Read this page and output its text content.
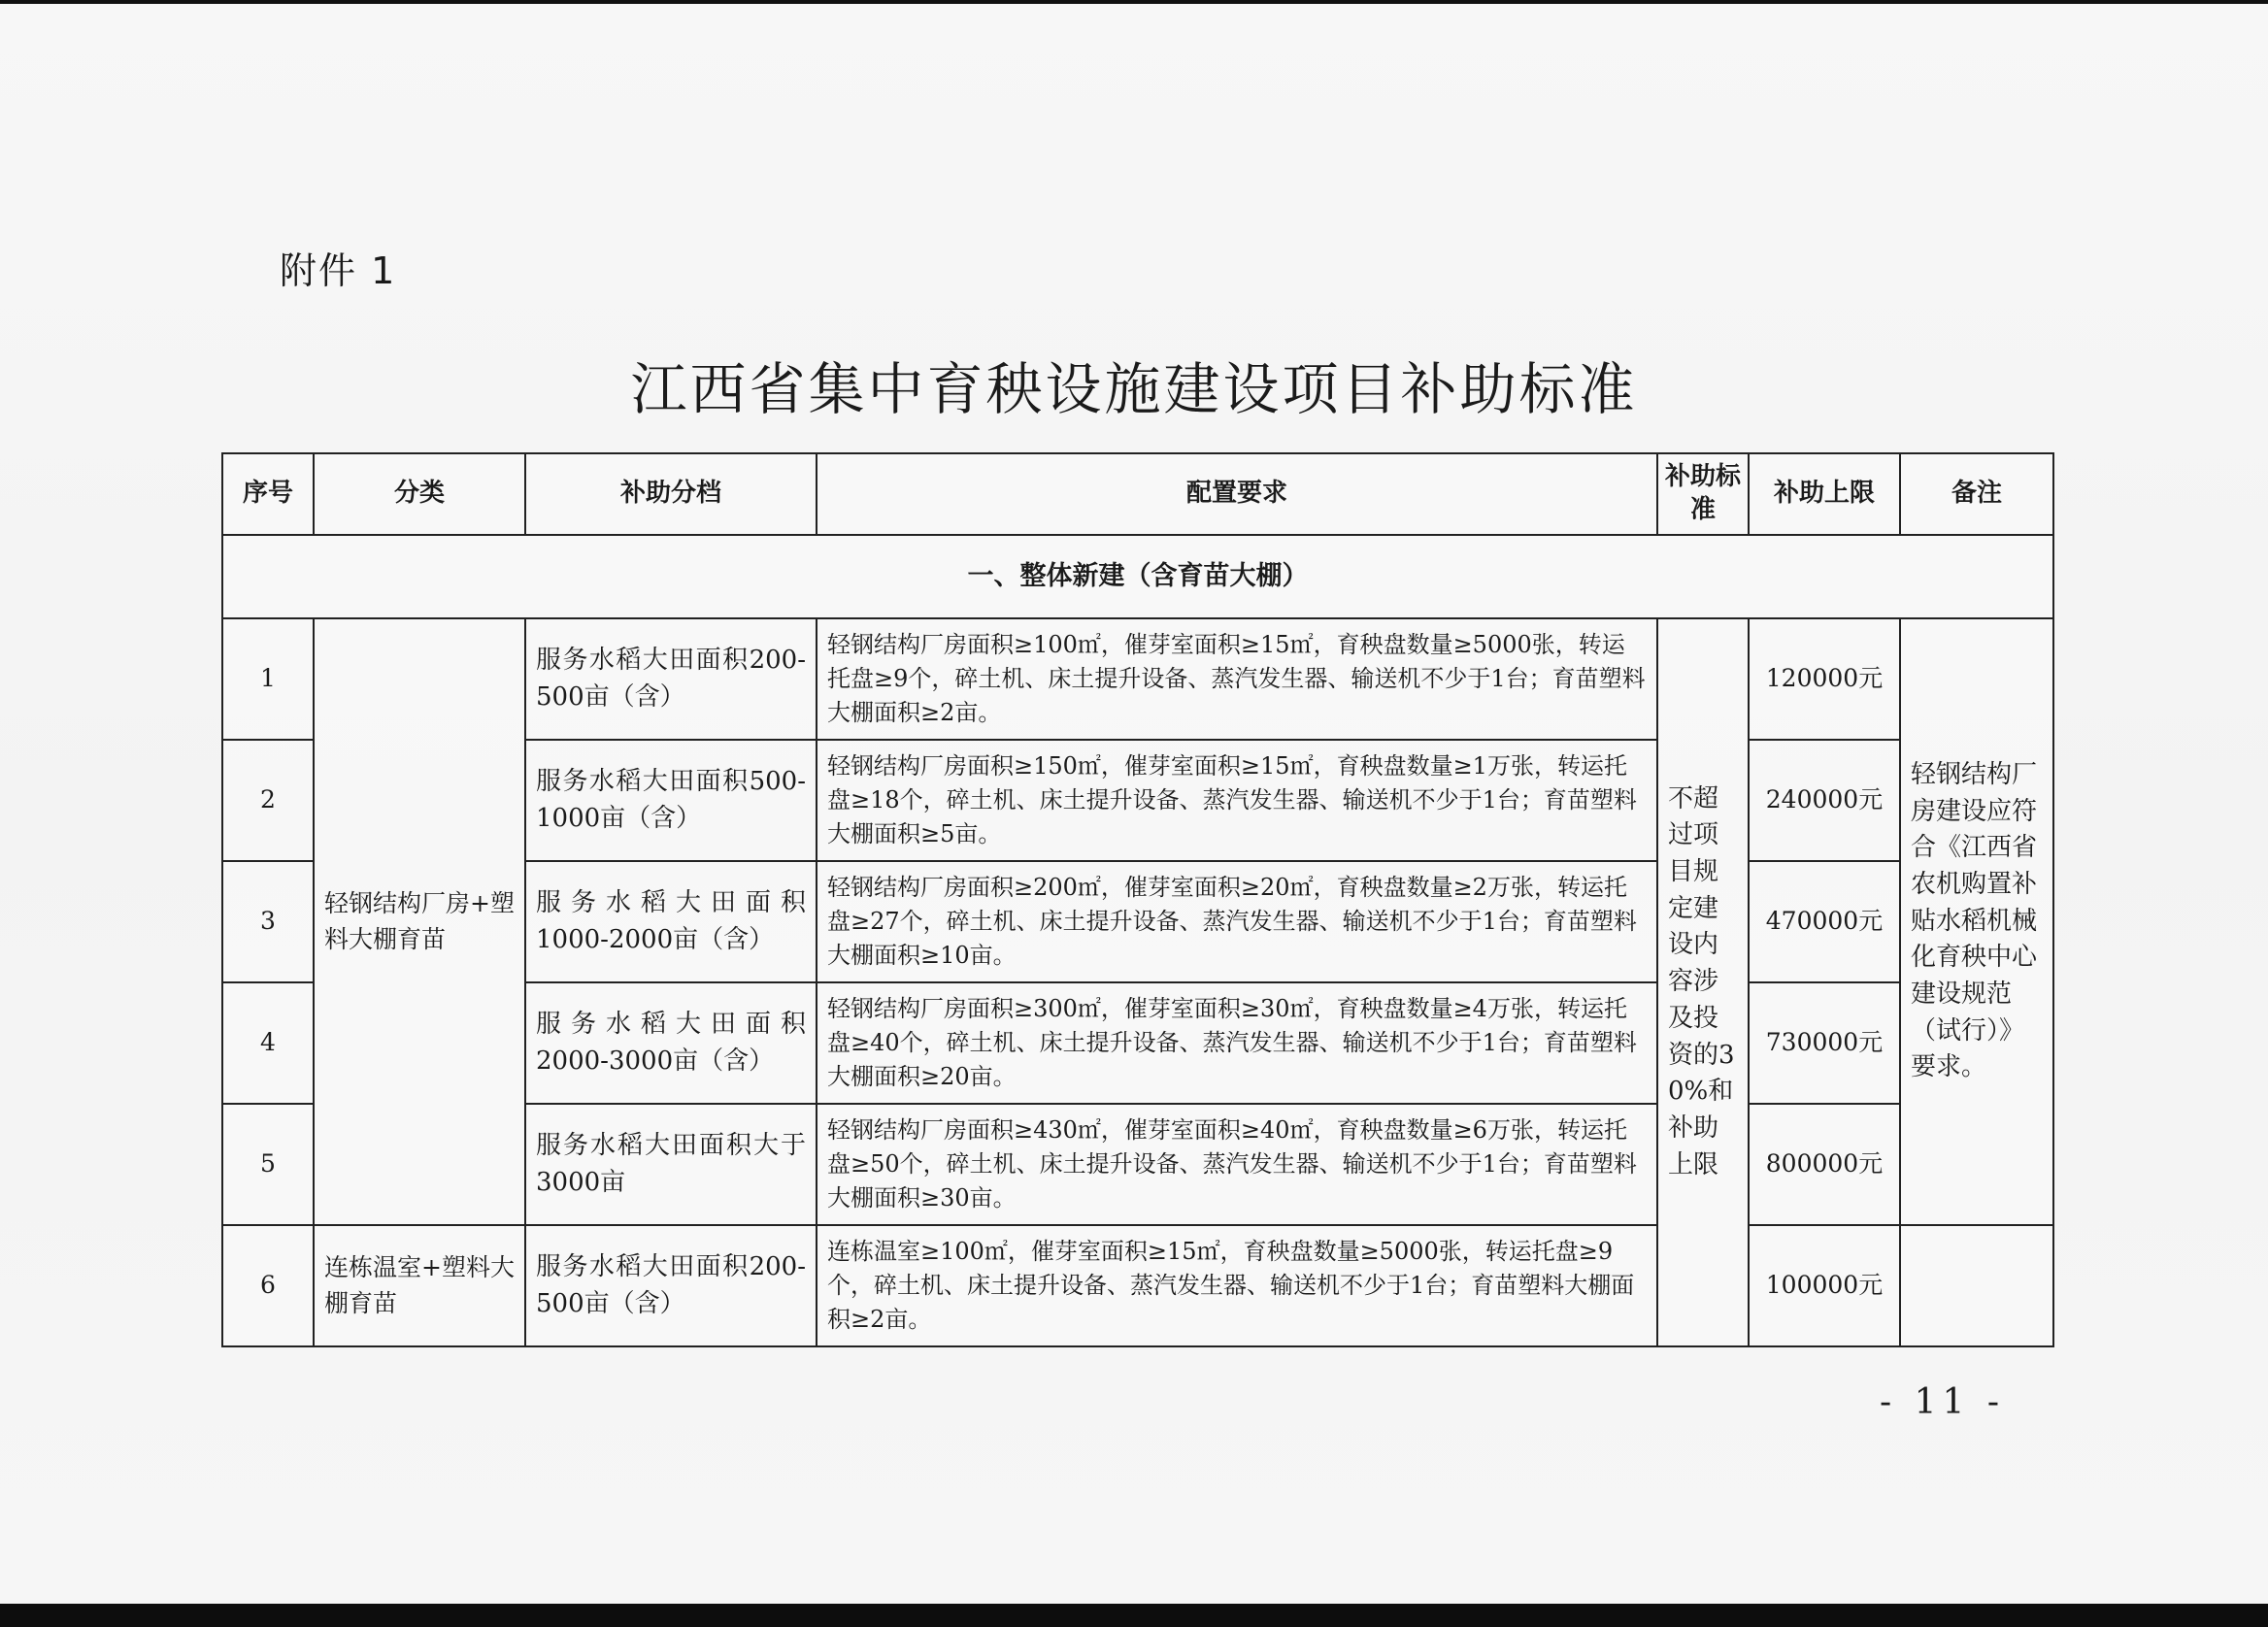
附件 1
江西省集中育秧设施建设项目补助标准
序号	分类	补助分档	配置要求	补助标准	补助上限	备注
一、整体新建（含育苗大棚）						
1	轻钢结构厂房+塑料大棚育苗	服务水稻大田面积200-500亩（含）	轻钢结构厂房面积≥100㎡，催芽室面积≥15㎡，育秧盘数量≥5000张，转运托盘≥9个，碎土机、床土提升设备、蒸汽发生器、输送机不少于1台；育苗塑料大棚面积≥2亩。	不超过项目规定建设内容涉及投资的30%和补助上限	120000元	轻钢结构厂房建设应符合《江西省农机购置补贴水稻机械化育秧中心建设规范（试行）》要求。
2		服务水稻大田面积500-1000亩（含）	轻钢结构厂房面积≥150㎡，催芽室面积≥15㎡，育秧盘数量≥1万张，转运托盘≥18个，碎土机、床土提升设备、蒸汽发生器、输送机不少于1台；育苗塑料大棚面积≥5亩。		240000元	
3		服务水稻大田面积1000-2000亩（含）	轻钢结构厂房面积≥200㎡，催芽室面积≥20㎡，育秧盘数量≥2万张，转运托盘≥27个，碎土机、床土提升设备、蒸汽发生器、输送机不少于1台；育苗塑料大棚面积≥10亩。		470000元	
4		服务水稻大田面积2000-3000亩（含）	轻钢结构厂房面积≥300㎡，催芽室面积≥30㎡，育秧盘数量≥4万张，转运托盘≥40个，碎土机、床土提升设备、蒸汽发生器、输送机不少于1台；育苗塑料大棚面积≥20亩。		730000元	
5		服务水稻大田面积大于3000亩	轻钢结构厂房面积≥430㎡，催芽室面积≥40㎡，育秧盘数量≥6万张，转运托盘≥50个，碎土机、床土提升设备、蒸汽发生器、输送机不少于1台；育苗塑料大棚面积≥30亩。		800000元	
6	连栋温室+塑料大棚育苗	服务水稻大田面积200-500亩（含）	连栋温室≥100㎡，催芽室面积≥15㎡，育秧盘数量≥5000张，转运托盘≥9个，碎土机、床土提升设备、蒸汽发生器、输送机不少于1台；育苗塑料大棚面积≥2亩。		100000元	
- 11 -
